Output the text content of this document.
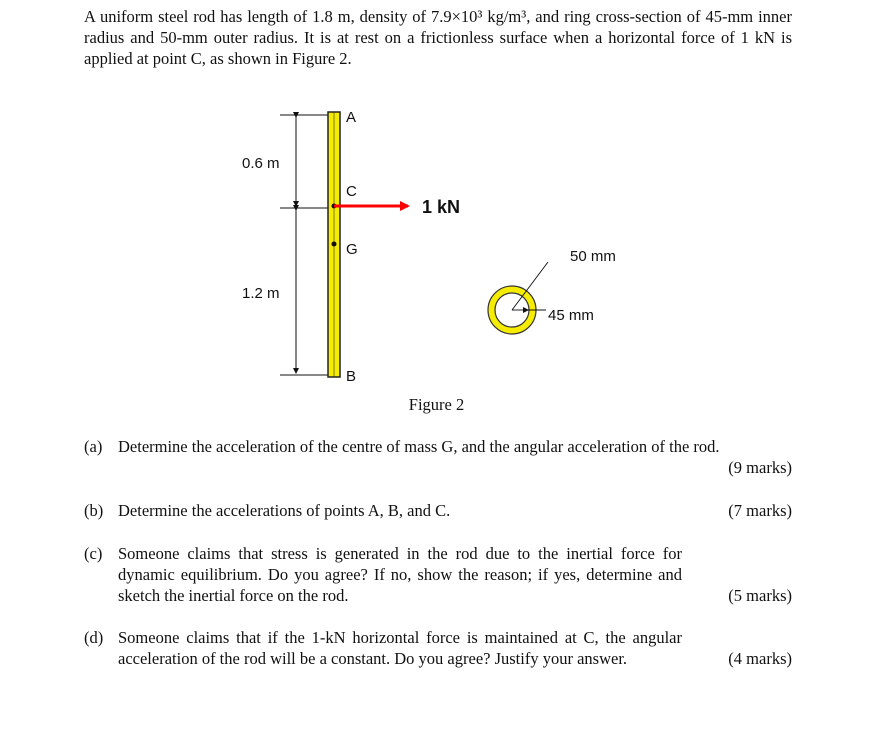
A uniform steel rod has length of 1.8 m, density of 7.9×10³ kg/m³, and ring cross-section of 45-mm inner radius and 50-mm outer radius. It is at rest on a frictionless surface when a horizontal force of 1 kN is applied at point C, as shown in Figure 2.

A
C
G
B
0.6 m
1.2 m
1 kN
50 mm
45 mm
Figure 2
(a) Determine the acceleration of the centre of mass G, and the angular acceleration of the rod.
(9 marks)
(b) Determine the accelerations of points A, B, and C.	(7 marks)
(c) Someone claims that stress is generated in the rod due to the inertial force for dynamic equilibrium. Do you agree? If no, show the reason; if yes, determine and sketch the inertial force on the rod.	(5 marks)
(d) Someone claims that if the 1-kN horizontal force is maintained at C, the angular acceleration of the rod will be a constant. Do you agree? Justify your answer.	(4 marks)
